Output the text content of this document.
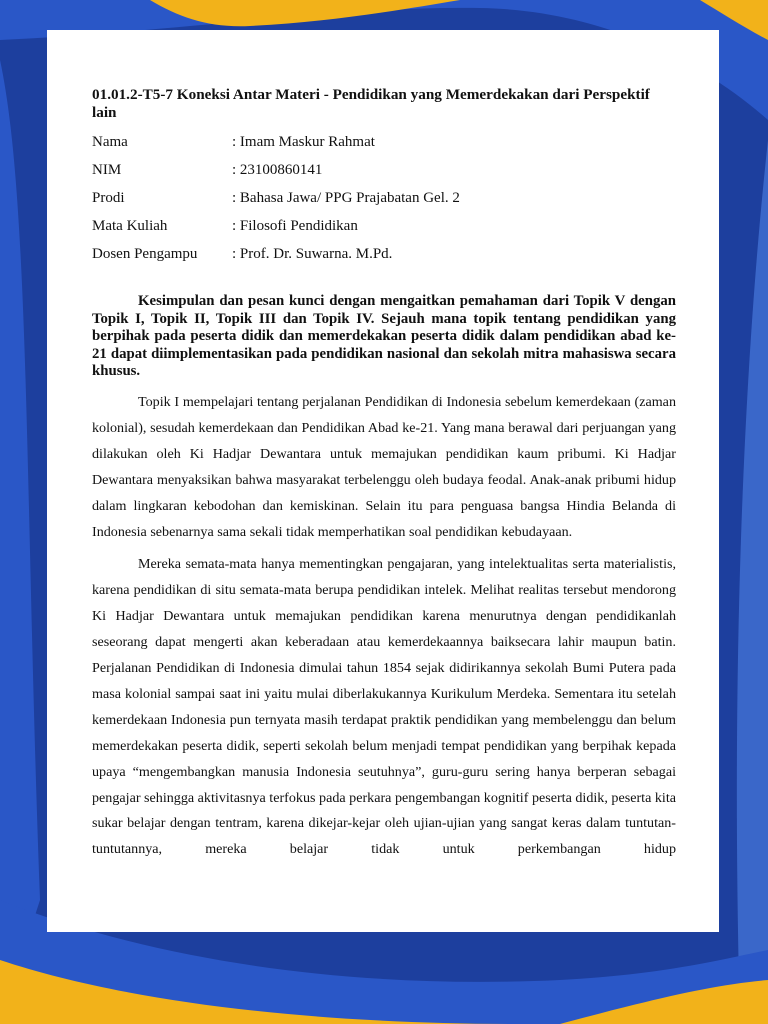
01.01.2-T5-7 Koneksi Antar Materi - Pendidikan yang Memerdekakan dari Perspektif lain
Nama	: Imam Maskur Rahmat
NIM	: 23100860141
Prodi	: Bahasa Jawa/ PPG Prajabatan Gel. 2
Mata Kuliah	: Filosofi Pendidikan
Dosen Pengampu	: Prof. Dr. Suwarna. M.Pd.

Kesimpulan dan pesan kunci dengan mengaitkan pemahaman dari Topik V dengan Topik I, Topik II, Topik III dan Topik IV. Sejauh mana topik tentang pendidikan yang berpihak pada peserta didik dan memerdekakan peserta didik dalam pendidikan abad ke-21 dapat diimplementasikan pada pendidikan nasional dan sekolah mitra mahasiswa secara khusus.

Topik I mempelajari tentang perjalanan Pendidikan di Indonesia sebelum kemerdekaan (zaman kolonial), sesudah kemerdekaan dan Pendidikan Abad ke-21. Yang mana berawal dari perjuangan yang dilakukan oleh Ki Hadjar Dewantara untuk memajukan pendidikan kaum pribumi. Ki Hadjar Dewantara menyaksikan bahwa masyarakat terbelenggu oleh budaya feodal. Anak-anak pribumi hidup dalam lingkaran kebodohan dan kemiskinan. Selain itu para penguasa bangsa Hindia Belanda di Indonesia sebenarnya sama sekali tidak memperhatikan soal pendidikan kebudayaan.

Mereka semata-mata hanya mementingkan pengajaran, yang intelektualitas serta materialistis, karena pendidikan di situ semata-mata berupa pendidikan intelek. Melihat realitas tersebut mendorong Ki Hadjar Dewantara untuk memajukan pendidikan karena menurutnya dengan pendidikanlah seseorang dapat mengerti akan keberadaan atau kemerdekaannya baiksecara lahir maupun batin. Perjalanan Pendidikan di Indonesia dimulai tahun 1854 sejak didirikannya sekolah Bumi Putera pada masa kolonial sampai saat ini yaitu mulai diberlakukannya Kurikulum Merdeka. Sementara itu setelah kemerdekaan Indonesia pun ternyata masih terdapat praktik pendidikan yang membelenggu dan belum memerdekakan peserta didik, seperti sekolah belum menjadi tempat pendidikan yang berpihak kepada upaya “mengembangkan manusia Indonesia seutuhnya”, guru-guru sering hanya berperan sebagai pengajar sehingga aktivitasnya terfokus pada perkara pengembangan kognitif peserta didik, peserta kita sukar belajar dengan tentram, karena dikejar-kejar oleh ujian-ujian yang sangat keras dalam tuntutan-tuntutannya, mereka belajar tidak untuk perkembangan hidup
